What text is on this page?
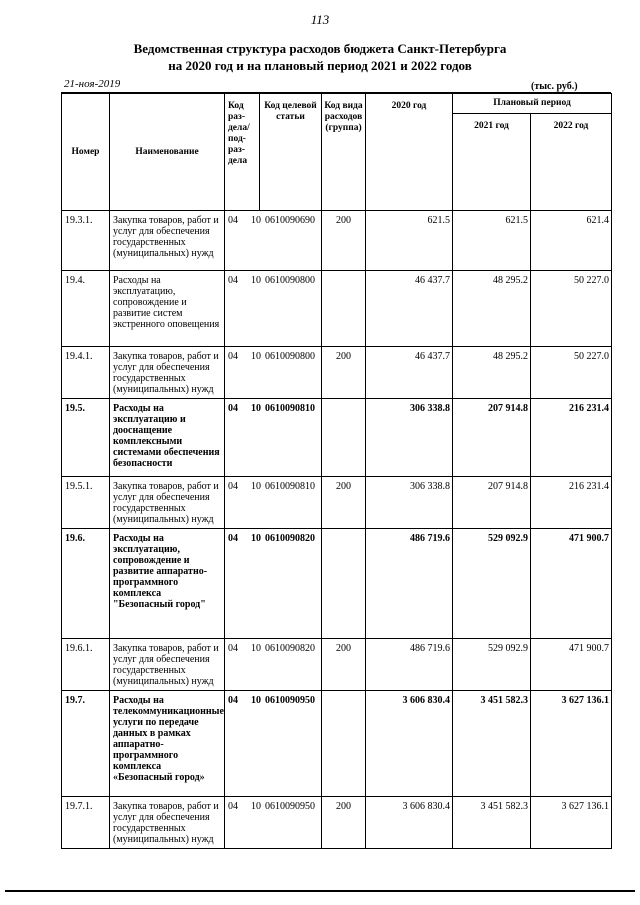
113
Ведомственная структура расходов бюджета Санкт-Петербурга
на 2020 год и на плановый период 2021 и 2022 годов
21-ноя-2019	(тыс. руб.)
Номер	Наименование	Код раз-дела/ под-раз-дела	Код целевой статьи	Код вида расходов (группа)	2020 год	Плановый период	
						2021 год	2022 год
19.3.1.	Закупка товаров, работ и услуг для обеспечения государственных (муниципальных) нужд	04 10 0610090690		200	621.5	621.5	621.4
19.4.	Расходы на эксплуатацию, сопровождение и развитие систем экстренного оповещения	04 10 0610090800			46 437.7	48 295.2	50 227.0
19.4.1.	Закупка товаров, работ и услуг для обеспечения государственных (муниципальных) нужд	04 10 0610090800		200	46 437.7	48 295.2	50 227.0
19.5.	Расходы на эксплуатацию и дооснащение комплексными системами обеспечения безопасности	04 10 0610090810			306 338.8	207 914.8	216 231.4
19.5.1.	Закупка товаров, работ и услуг для обеспечения государственных (муниципальных) нужд	04 10 0610090810		200	306 338.8	207 914.8	216 231.4
19.6.	Расходы на эксплуатацию, сопровождение и развитие аппаратно-программного комплекса "Безопасный город"	04 10 0610090820			486 719.6	529 092.9	471 900.7
19.6.1.	Закупка товаров, работ и услуг для обеспечения государственных (муниципальных) нужд	04 10 0610090820		200	486 719.6	529 092.9	471 900.7
19.7.	Расходы на телекоммуникационные услуги по передаче данных в рамках аппаратно-программного комплекса «Безопасный город»	04 10 0610090950			3 606 830.4	3 451 582.3	3 627 136.1
19.7.1.	Закупка товаров, работ и услуг для обеспечения государственных (муниципальных) нужд	04 10 0610090950		200	3 606 830.4	3 451 582.3	3 627 136.1
